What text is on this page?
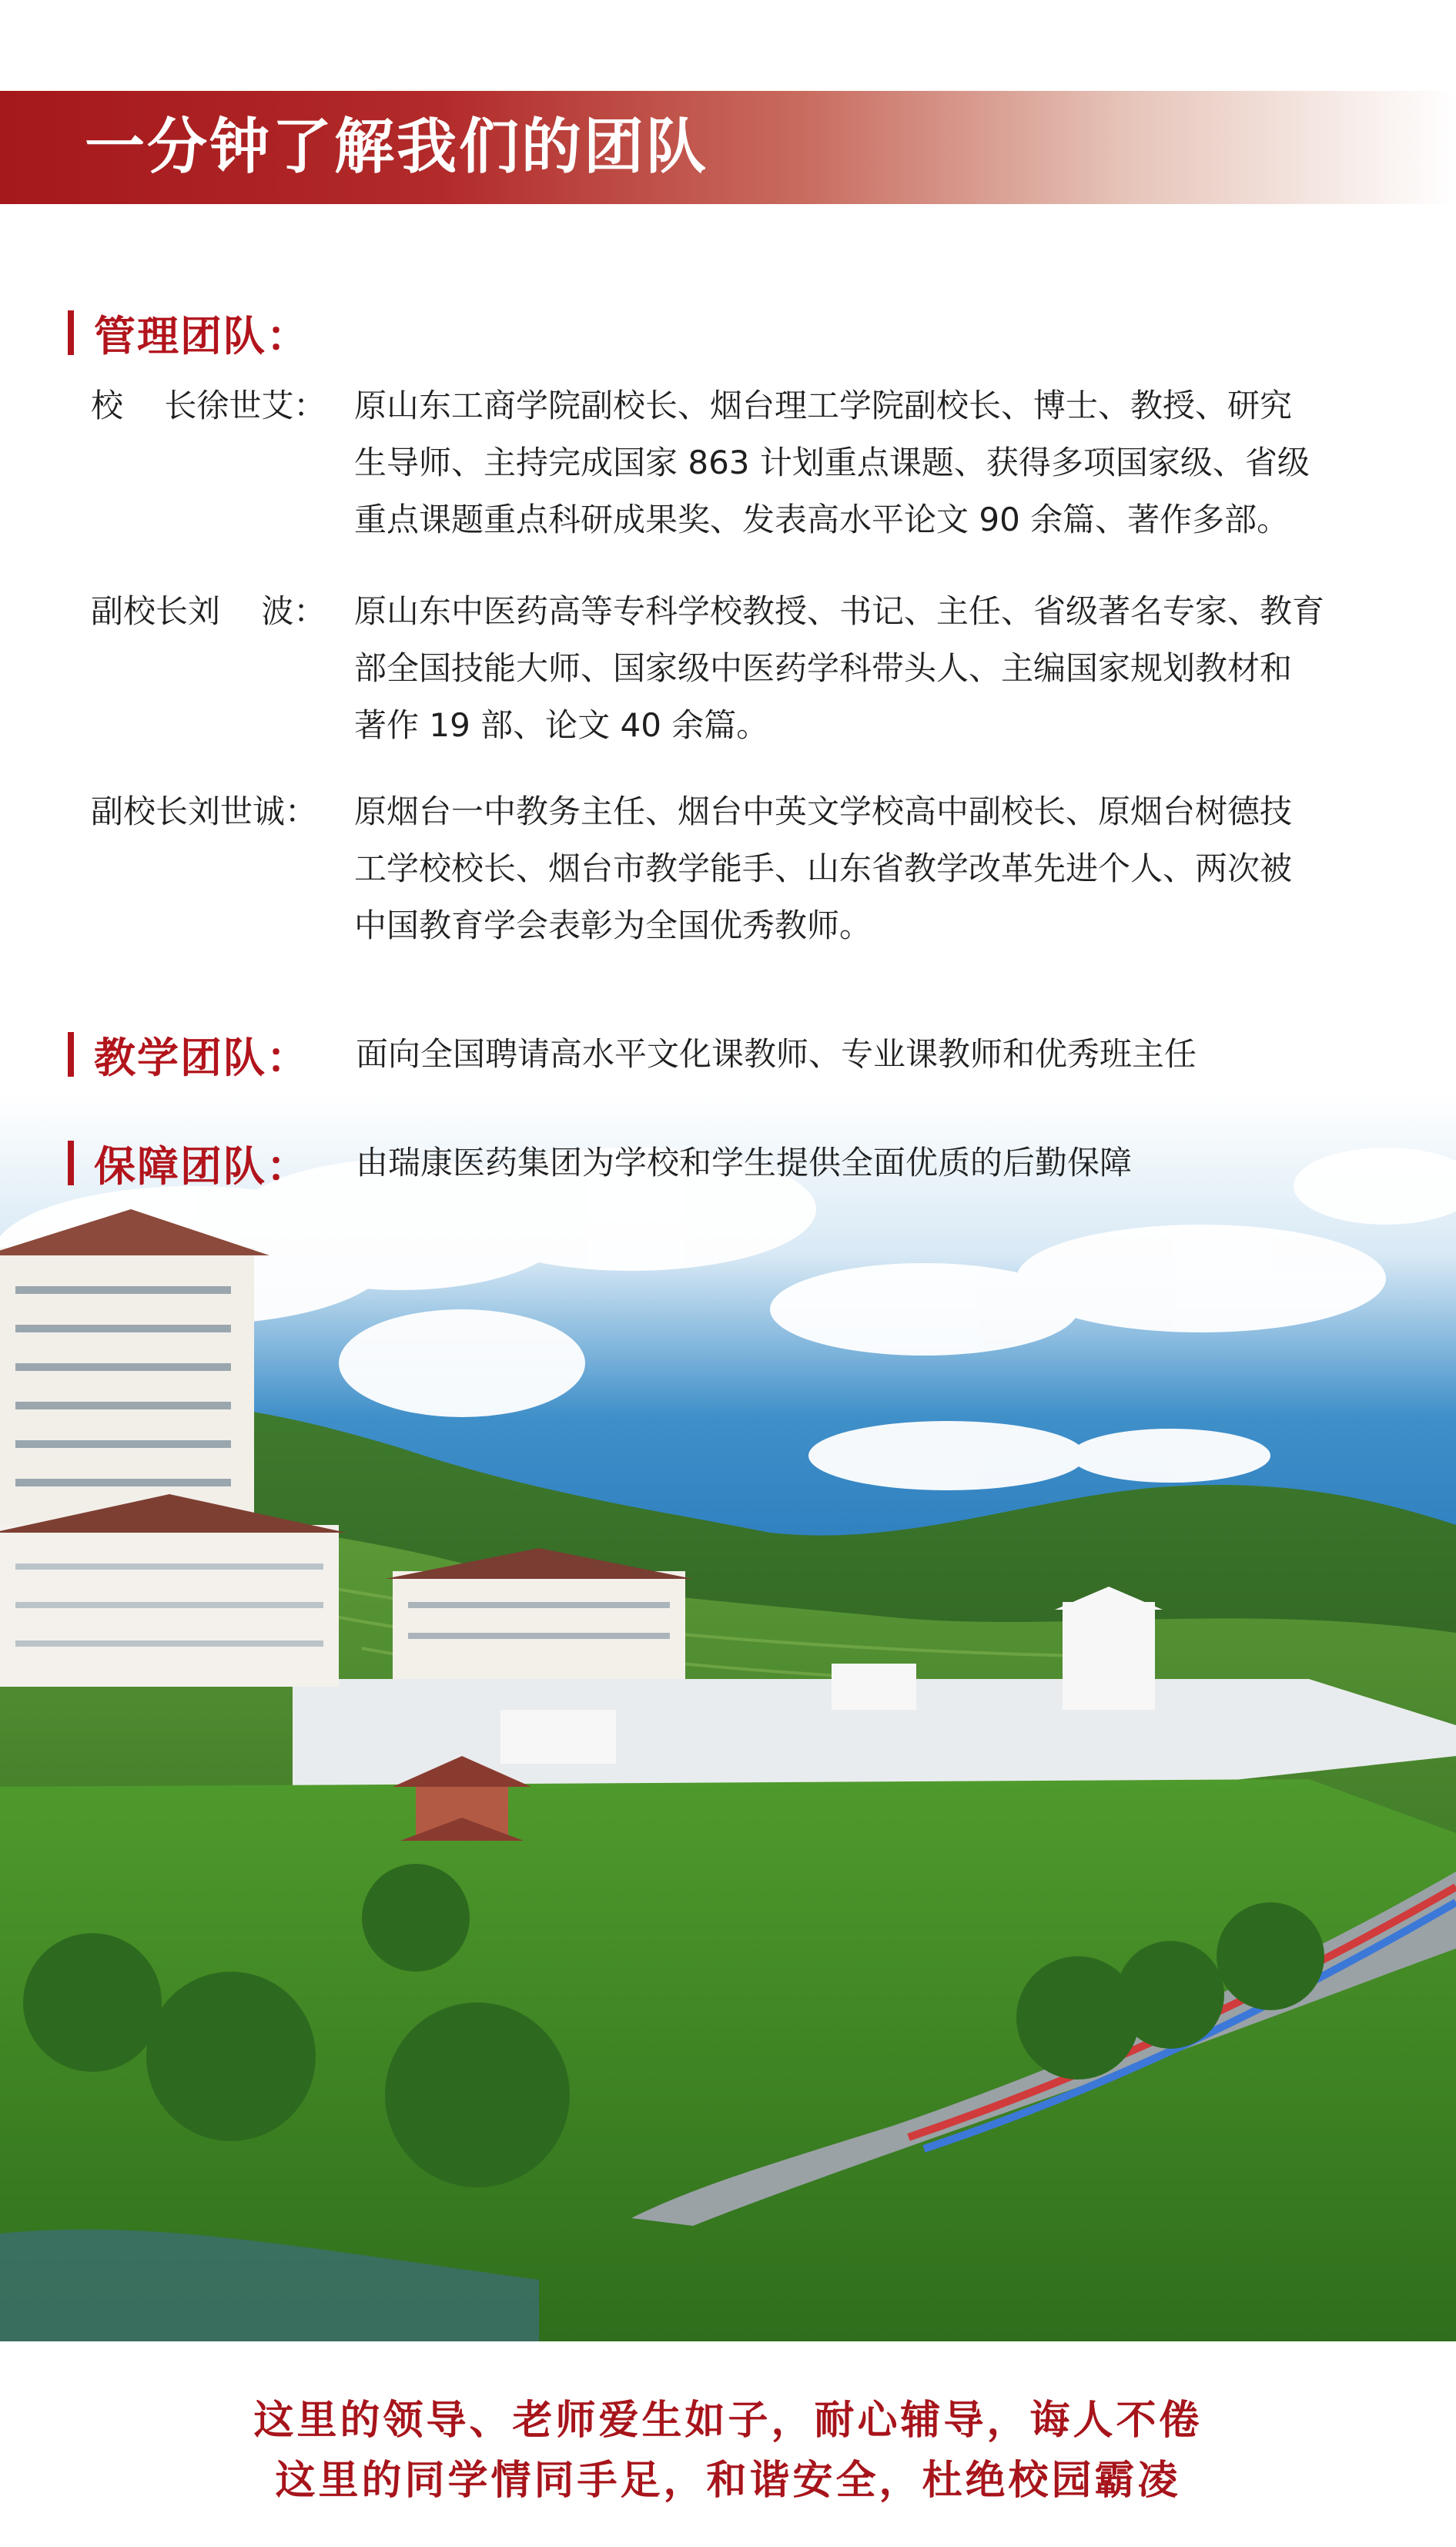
一分钟了解我们的团队
管理团队：
校    长徐世艾： 原山东工商学院副校长、烟台理工学院副校长、博士、教授、研究
生导师、主持完成国家 863 计划重点课题、获得多项国家级、省级
重点课题重点科研成果奖、发表高水平论文 90 余篇、著作多部。
副校长刘    波： 原山东中医药高等专科学校教授、书记、主任、省级著名专家、教育
部全国技能大师、国家级中医药学科带头人、主编国家规划教材和
著作 19 部、论文 40 余篇。
副校长刘世诚： 原烟台一中教务主任、烟台中英文学校高中副校长、原烟台树德技
工学校校长、烟台市教学能手、山东省教学改革先进个人、两次被
中国教育学会表彰为全国优秀教师。
教学团队： 面向全国聘请高水平文化课教师、专业课教师和优秀班主任
保障团队： 由瑞康医药集团为学校和学生提供全面优质的后勤保障
这里的领导、老师爱生如子，耐心辅导，诲人不倦
这里的同学情同手足，和谐安全，杜绝校园霸凌
